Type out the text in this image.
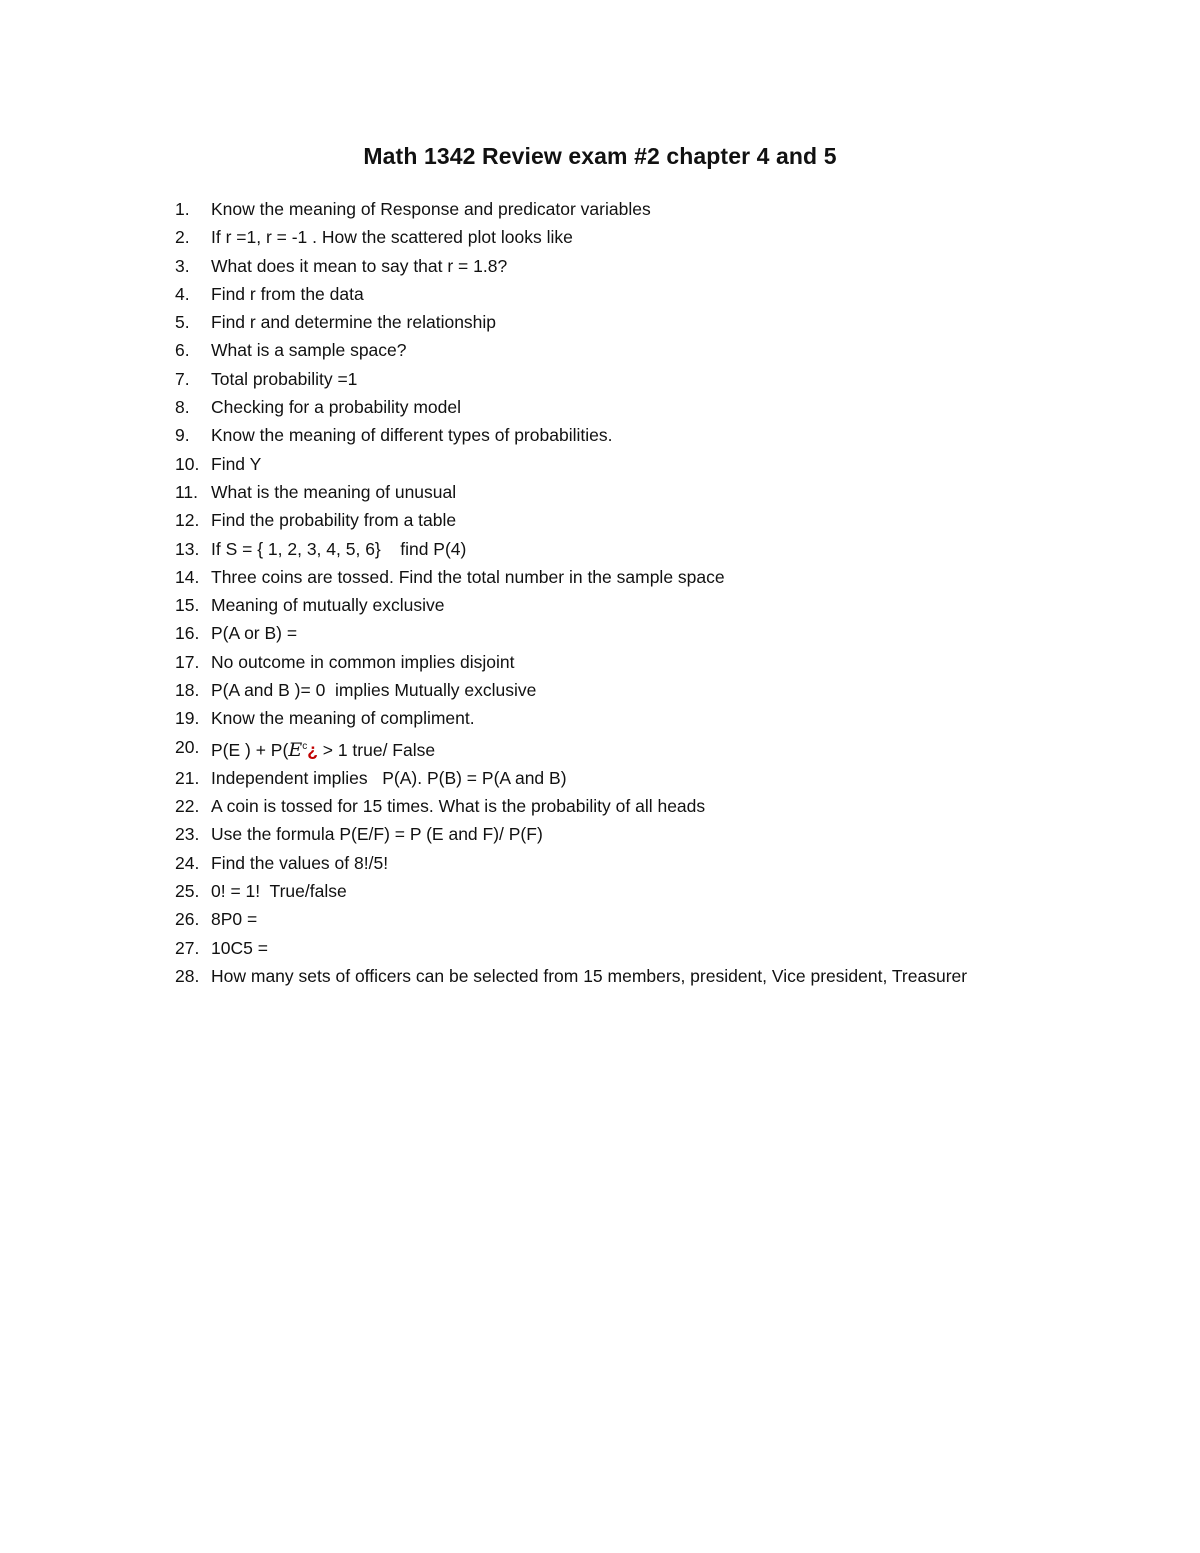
Math 1342 Review exam #2 chapter 4 and 5
1. Know the meaning of Response and predicator variables
2. If r =1, r = -1 . How the scattered plot looks like
3. What does it mean to say that r = 1.8?
4. Find r from the data
5. Find r and determine the relationship
6. What is a sample space?
7. Total probability =1
8. Checking for a probability model
9. Know the meaning of different types of probabilities.
10. Find Y
11. What is the meaning of unusual
12. Find the probability from a table
13. If S = { 1, 2, 3, 4, 5, 6}    find P(4)
14. Three coins are tossed. Find the total number in the sample space
15. Meaning of mutually exclusive
16. P(A or B) =
17. No outcome in common implies disjoint
18. P(A and B )= 0  implies Mutually exclusive
19. Know the meaning of compliment.
20. P(E ) + $P(E^c¿ > 1$ true/ False
21. Independent implies   P(A). P(B) = P(A and B)
22. A coin is tossed for 15 times. What is the probability of all heads
23. Use the formula P(E/F) = P (E and F)/ P(F)
24. Find the values of 8!/5!
25. 0! = 1!  True/false
26. 8P0 =
27. 10C5 =
28. How many sets of officers can be selected from 15 members, president, Vice president, Treasurer
